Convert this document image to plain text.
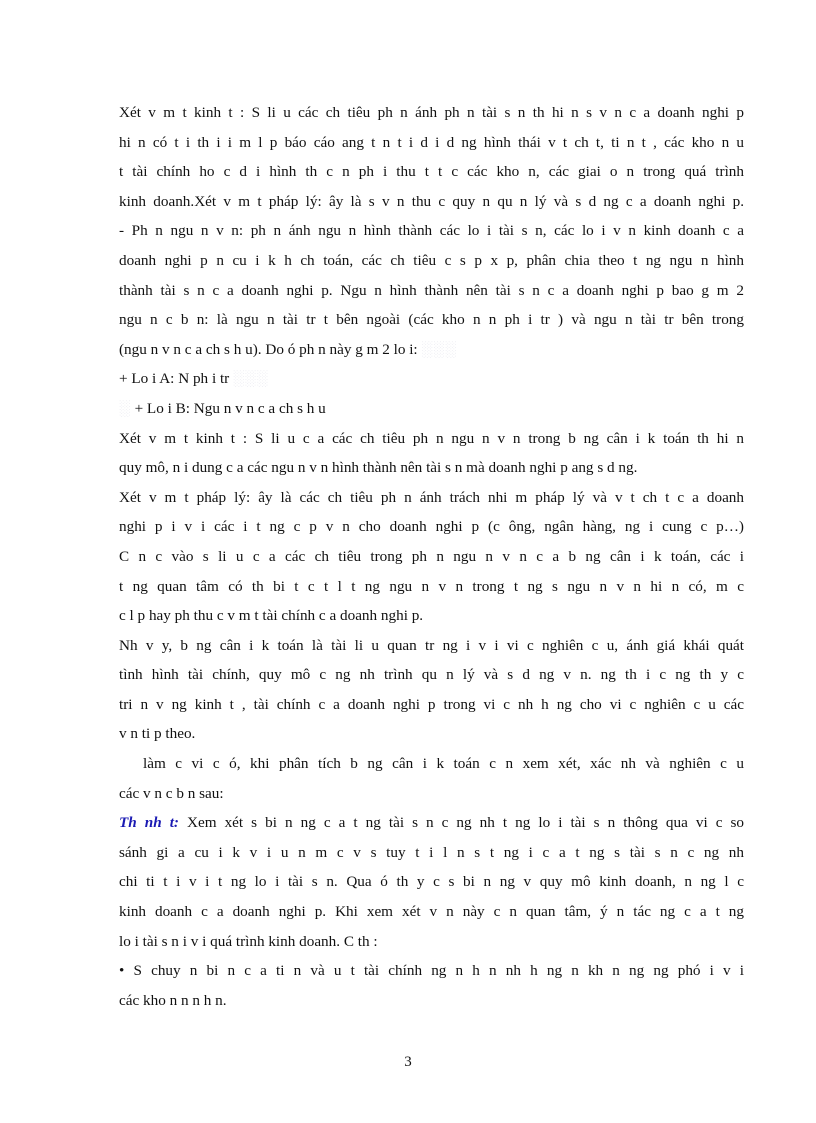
Xét v m t kinh t : S li u các ch tiêu ph n ánh ph n tài s n th hi n s v n c a doanh nghi p
hi n có t i th i i m l p báo cáo ang t n t i d i d ng hình thái v t ch t, ti n t , các kho n u
t tài chính ho c d i hình th c n ph i thu t t c các kho n, các giai o n trong quá trình
kinh doanh.Xét v m t pháp lý: ây là s v n thu c quy n qu n lý và s d ng c a doanh nghi p.
- Ph n ngu n v n: ph n ánh ngu n hình thành các lo i tài s n, các lo i v n kinh doanh c a
doanh nghi p n cu i k h ch toán, các ch tiêu c s p x p, phân chia theo t ng ngu n hình
thành tài s n c a doanh nghi p. Ngu n hình thành nên tài s n c a doanh nghi p bao g m 2
ngu n c b n: là ngu n tài tr t bên ngoài (các kho n n ph i tr ) và ngu n tài tr bên trong
(ngu n v n c a ch s h u). Do ó ph n này g m 2 lo i: ░░░
+ Lo i A: N ph i tr ░░░
░ + Lo i B: Ngu n v n c a ch s h u
Xét v m t kinh t : S li u c a các ch tiêu ph n ngu n v n trong b ng cân i k toán th hi n
quy mô, n i dung c a các ngu n v n hình thành nên tài s n mà doanh nghi p ang s d ng.
Xét v m t pháp lý: ây là các ch tiêu ph n ánh trách nhi m pháp lý và v t ch t c a doanh
nghi p i v i các i t ng c p v n cho doanh nghi p (c ông, ngân hàng, ng i cung c p…)
C n c vào s li u c a các ch tiêu trong ph n ngu n v n c a b ng cân i k toán, các i
t ng quan tâm có th bi t c t l t ng ngu n v n trong t ng s ngu n v n hi n có, m c
c l p hay ph thu c v m t tài chính c a doanh nghi p.
Nh v y, b ng cân i k toán là tài li u quan tr ng i v i vi c nghiên c u, ánh giá khái quát
tình hình tài chính, quy mô c ng nh trình qu n lý và s d ng v n. ng th i c ng th y c
tri n v ng kinh t , tài chính c a doanh nghi p trong vi c nh h ng cho vi c nghiên c u các
v n ti p theo.
làm c vi c ó, khi phân tích b ng cân i k toán c n xem xét, xác nh và nghiên c u
các v n c b n sau:
Th nh t: Xem xét s bi n ng c a t ng tài s n c ng nh t ng lo i tài s n thông qua vi c so
sánh gi a cu i k v i u n m c v s tuy t i l n s t ng i c a t ng s tài s n c ng nh
chi ti t i v i t ng lo i tài s n. Qua ó th y c s bi n ng v quy mô kinh doanh, n ng l c
kinh doanh c a doanh nghi p. Khi xem xét v n này c n quan tâm, ý n tác ng c a t ng
lo i tài s n i v i quá trình kinh doanh. C th :
• S chuy n bi n c a ti n và u t tài chính ng n h n nh h ng n kh n ng ng phó i v i
các kho n n n h n.
3
